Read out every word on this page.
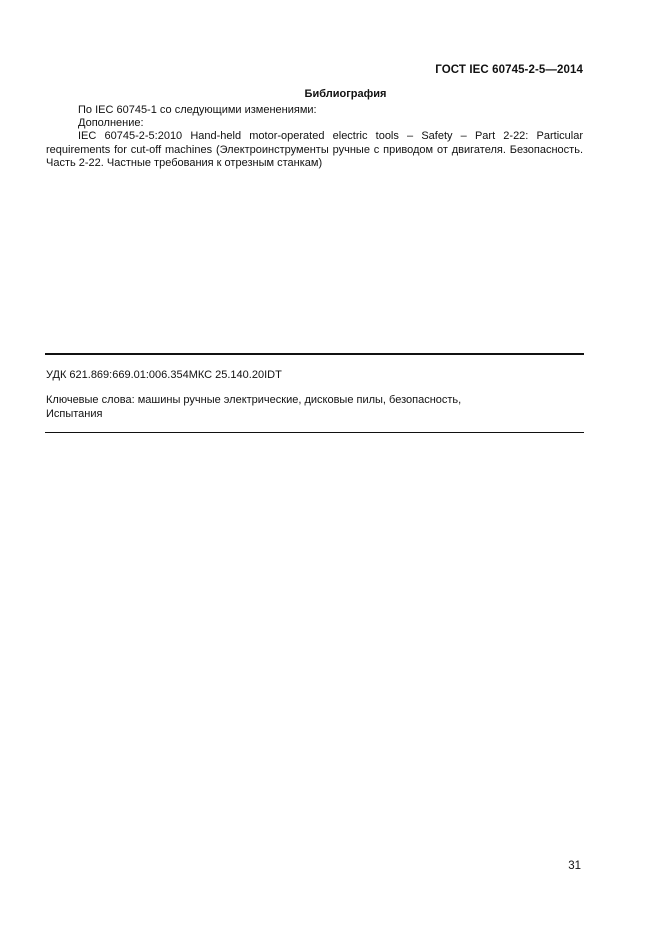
ГОСТ IEC 60745-2-5—2014
Библиография

По IEC 60745-1 со следующими изменениями:

Дополнение:

IEC 60745-2-5:2010 Hand-held motor-operated electric tools – Safety – Part 2-22: Particular requirements for cut-off machines (Электроинструменты ручные с приводом от двигателя. Безопасность. Часть 2-22. Частные требования к отрезным станкам)

УДК 621.869:669.01:006.354МКС 25.140.20IDT

Ключевые слова: машины ручные электрические, дисковые пилы, безопасность,

Испытания

31
